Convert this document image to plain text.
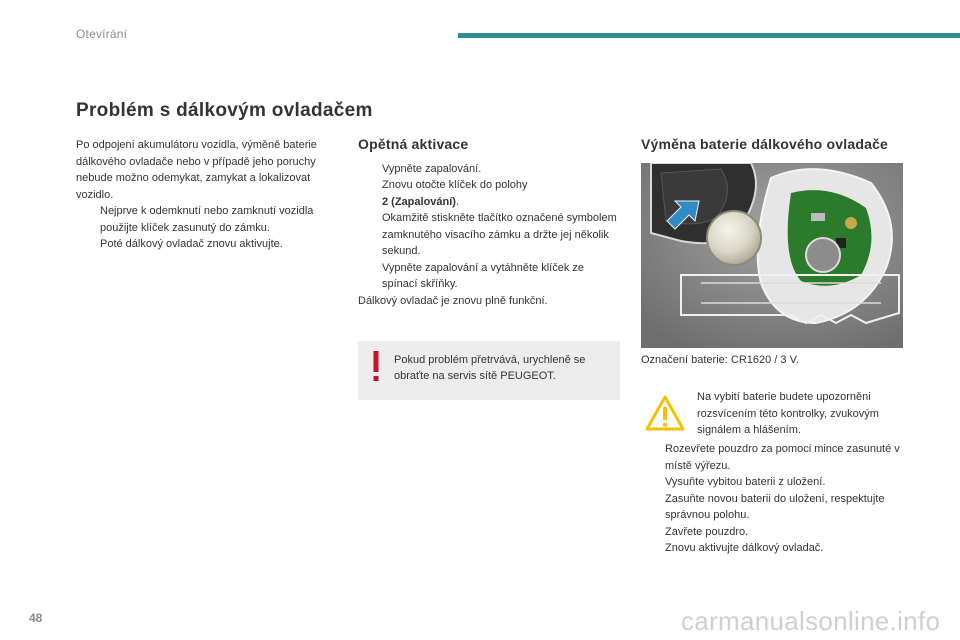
Otevírání
Problém s dálkovým ovladačem

Po odpojení akumulátoru vozidla, výměně baterie dálkového ovladače nebo v případě jeho poruchy nebude možno odemykat, zamykat a lokalizovat vozidlo.

Nejprve k odemknutí nebo zamknutí vozidla použijte klíček zasunutý do zámku.
Poté dálkový ovladač znovu aktivujte.
Opětná aktivace
Vypněte zapalování.
Znovu otočte klíček do polohy
2 (Zapalování).
Okamžitě stiskněte tlačítko označené symbolem zamknutého visacího zámku a držte jej několik sekund.
Vypněte zapalování a vytáhněte klíček ze spínací skříňky.

Dálkový ovladač je znovu plně funkční.

Pokud problém přetrvává, urychleně se obraťte na servis sítě PEUGEOT.
Výměna baterie dálkového ovladače

Označení baterie: CR1620 / 3 V.

Na vybití baterie budete upozorněni rozsvícením této kontrolky, zvukovým signálem a hlášením.
Rozevřete pouzdro za pomoci mince zasunuté v místě výřezu.
Vysuňte vybitou baterii z uložení.
Zasuňte novou baterii do uložení, respektujte správnou polohu.
Zavřete pouzdro.
Znovu aktivujte dálkový ovladač.
48	carmanualsonline.info
